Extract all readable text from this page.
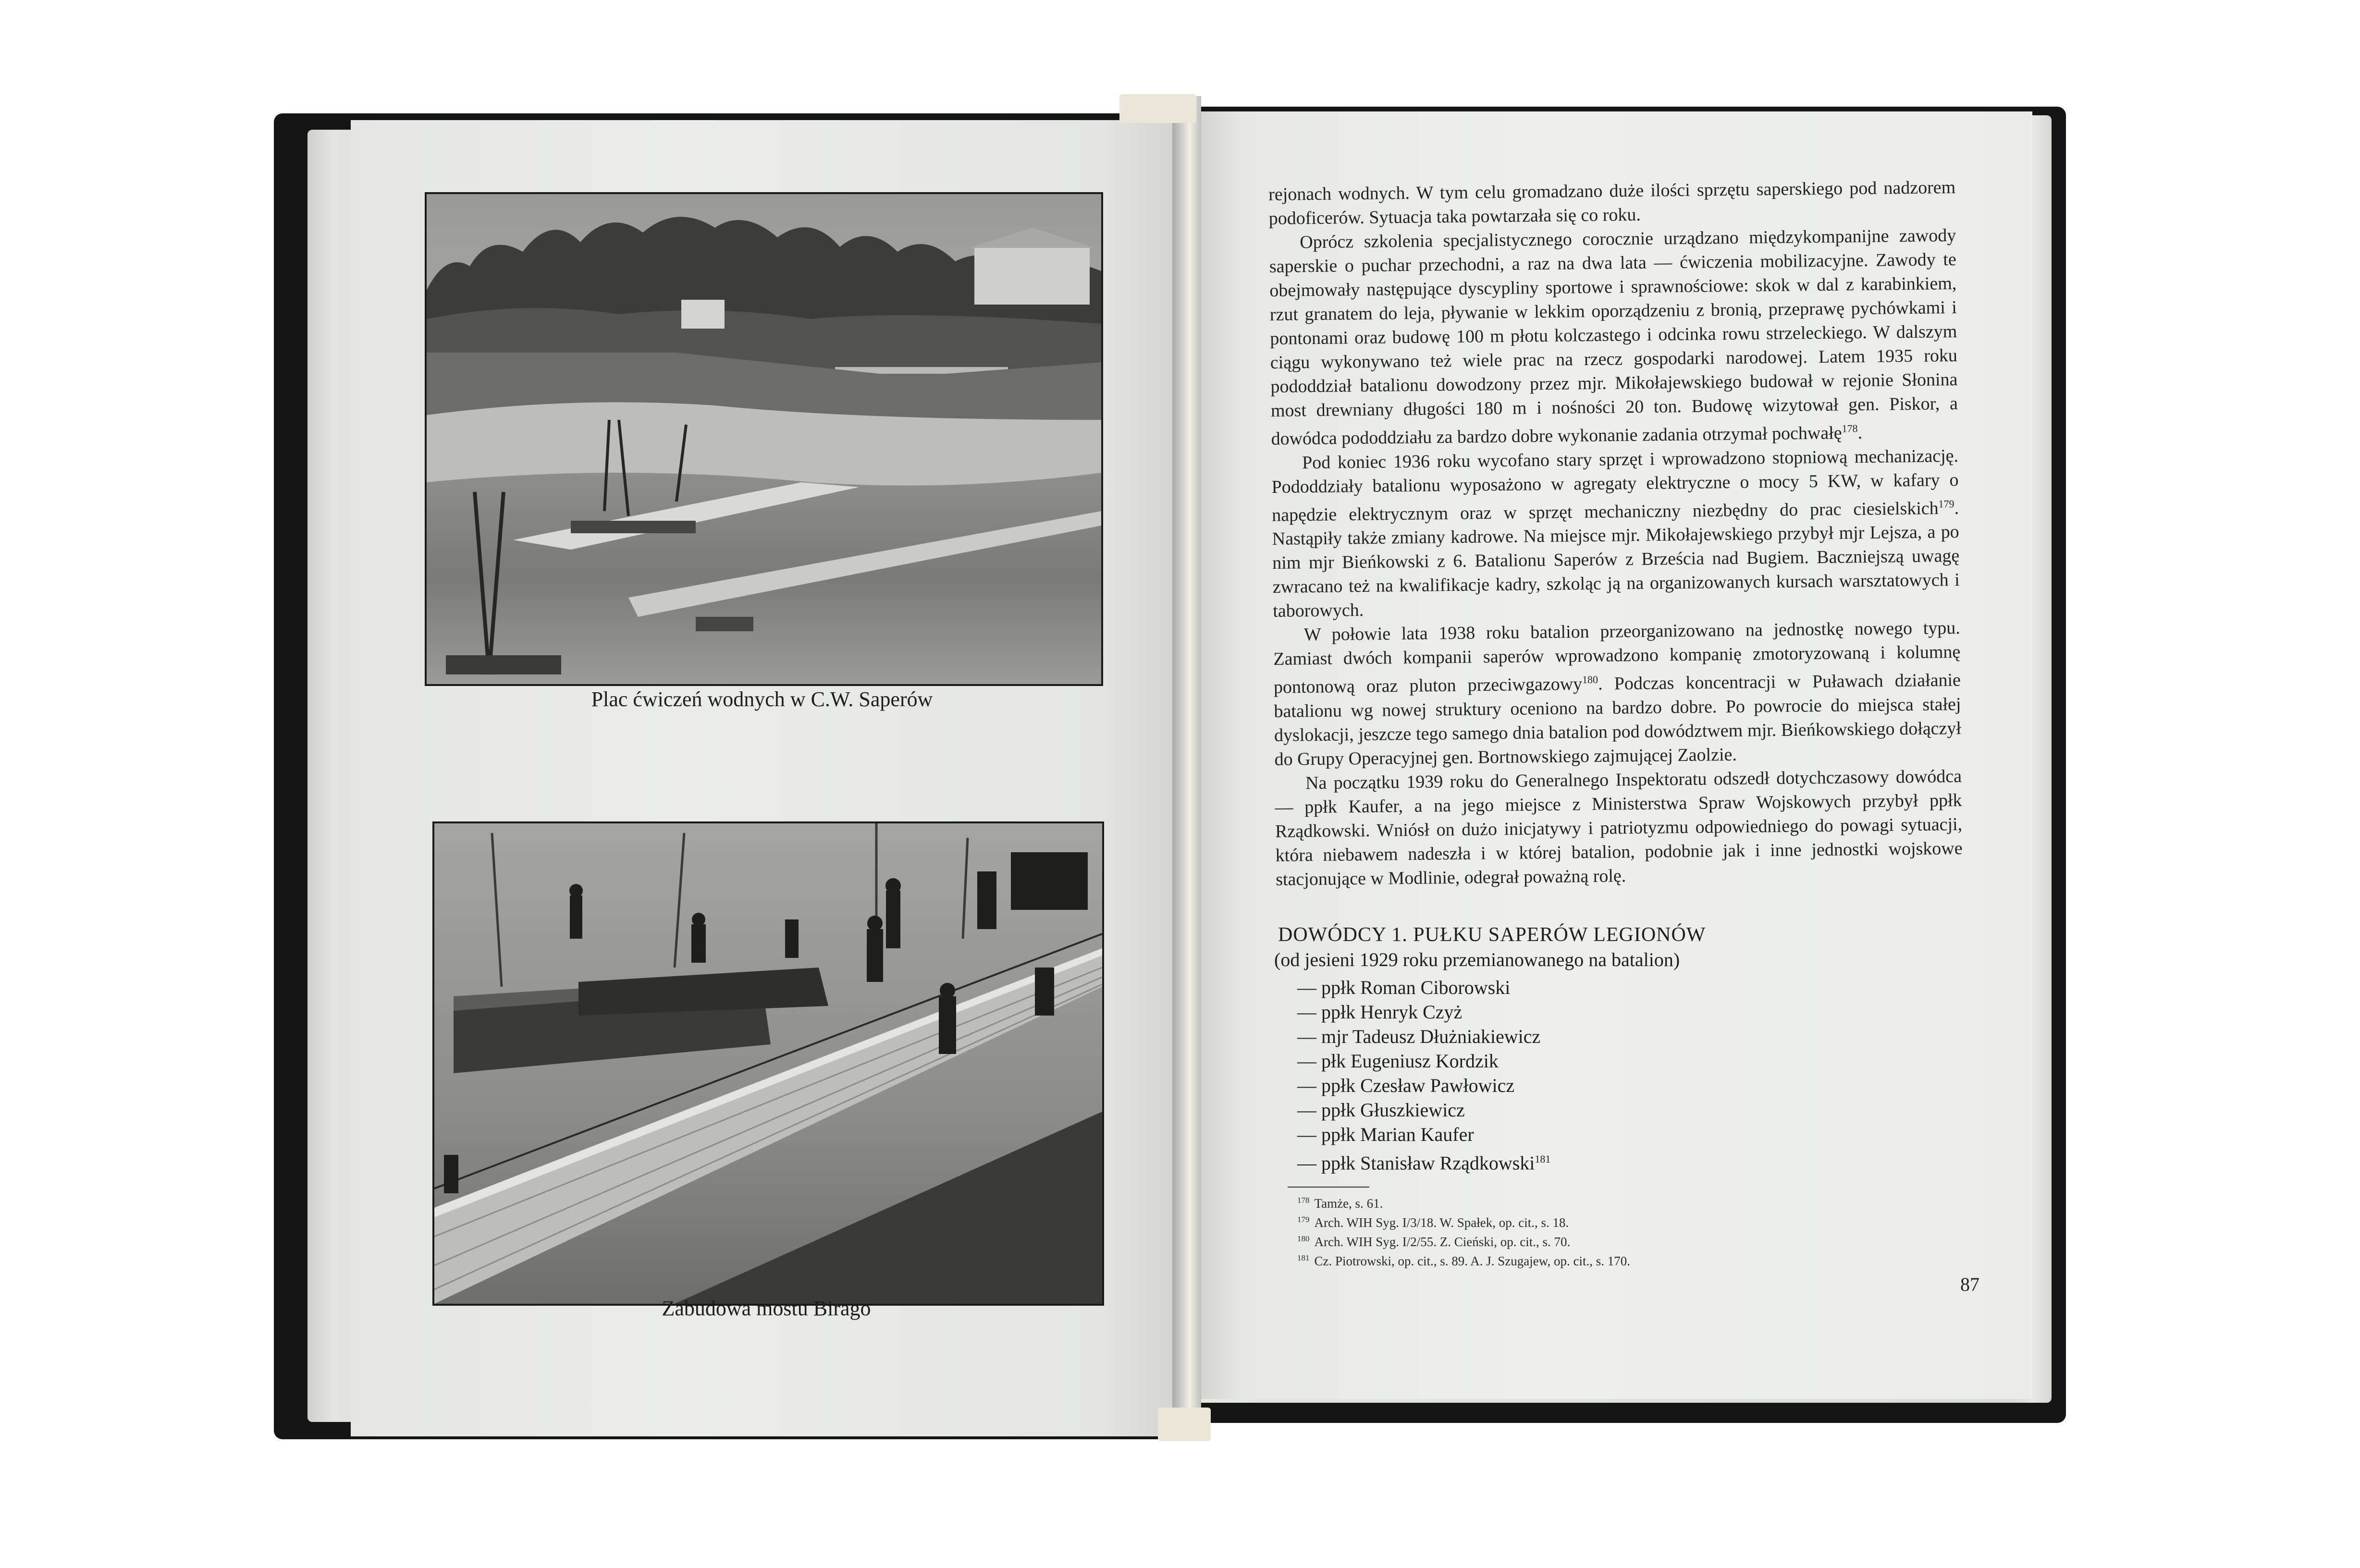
Plac ćwiczeń wodnych w C.W. Saperów
Zabudowa mostu Birago

rejonach wodnych. W tym celu gromadzano duże ilości sprzętu saperskiego pod nadzorem podoficerów. Sytuacja taka powtarzała się co roku.

Oprócz szkolenia specjalistycznego corocznie urządzano międzykompanijne zawody saperskie o puchar przechodni, a raz na dwa lata — ćwiczenia mobilizacyjne. Zawody te obejmowały następujące dyscypliny sportowe i sprawnościowe: skok w dal z karabinkiem, rzut granatem do leja, pływanie w lekkim oporządzeniu z bronią, przeprawę pychówkami i pontonami oraz budowę 100 m płotu kolczastego i odcinka rowu strzeleckiego. W dalszym ciągu wykonywano też wiele prac na rzecz gospodarki narodowej. Latem 1935 roku pododdział batalionu dowodzony przez mjr. Mikołajewskiego budował w rejonie Słonina most drewniany długości 180 m i nośności 20 ton. Budowę wizytował gen. Piskor, a dowódca pododdziału za bardzo dobre wykonanie zadania otrzymał pochwałę$^{178}$.

Pod koniec 1936 roku wycofano stary sprzęt i wprowadzono stopniową mechanizację. Pododdziały batalionu wyposażono w agregaty elektryczne o mocy 5 KW, w kafary o napędzie elektrycznym oraz w sprzęt mechaniczny niezbędny do prac ciesielskich$^{179}$. Nastąpiły także zmiany kadrowe. Na miejsce mjr. Mikołajewskiego przybył mjr Lejsza, a po nim mjr Bieńkowski z 6. Batalionu Saperów z Brześcia nad Bugiem. Baczniejszą uwagę zwracano też na kwalifikacje kadry, szkoląc ją na organizowanych kursach warsztatowych i taborowych.

W połowie lata 1938 roku batalion przeorganizowano na jednostkę nowego typu. Zamiast dwóch kompanii saperów wprowadzono kompanię zmotoryzowaną i kolumnę pontonową oraz pluton przeciwgazowy$^{180}$. Podczas koncentracji w Puławach działanie batalionu wg nowej struktury oceniono na bardzo dobre. Po powrocie do miejsca stałej dyslokacji, jeszcze tego samego dnia batalion pod dowództwem mjr. Bieńkowskiego dołączył do Grupy Operacyjnej gen. Bortnowskiego zajmującej Zaolzie.

Na początku 1939 roku do Generalnego Inspektoratu odszedł dotychczasowy dowódca — ppłk Kaufer, a na jego miejsce z Ministerstwa Spraw Wojskowych przybył ppłk Rządkowski. Wniósł on dużo inicjatywy i patriotyzmu odpowiedniego do powagi sytuacji, która niebawem nadeszła i w której batalion, podobnie jak i inne jednostki wojskowe stacjonujące w Modlinie, odegrał poważną rolę.

DOWÓDCY 1. PUŁKU SAPERÓW LEGIONÓW
(od jesieni 1929 roku przemianowanego na batalion)
— ppłk Roman Ciborowski
— ppłk Henryk Czyż
— mjr Tadeusz Dłużniakiewicz
— płk Eugeniusz Kordzik
— ppłk Czesław Pawłowicz
— ppłk Głuszkiewicz
— ppłk Marian Kaufer
— ppłk Stanisław Rządkowski$^{181}$
$^{178}$ Tamże, s. 61.
$^{179}$ Arch. WIH Syg. I/3/18. W. Spałek, op. cit., s. 18.
$^{180}$ Arch. WIH Syg. I/2/55. Z. Cieński, op. cit., s. 70.
$^{181}$ Cz. Piotrowski, op. cit., s. 89. A. J. Szugajew, op. cit., s. 170.
87
